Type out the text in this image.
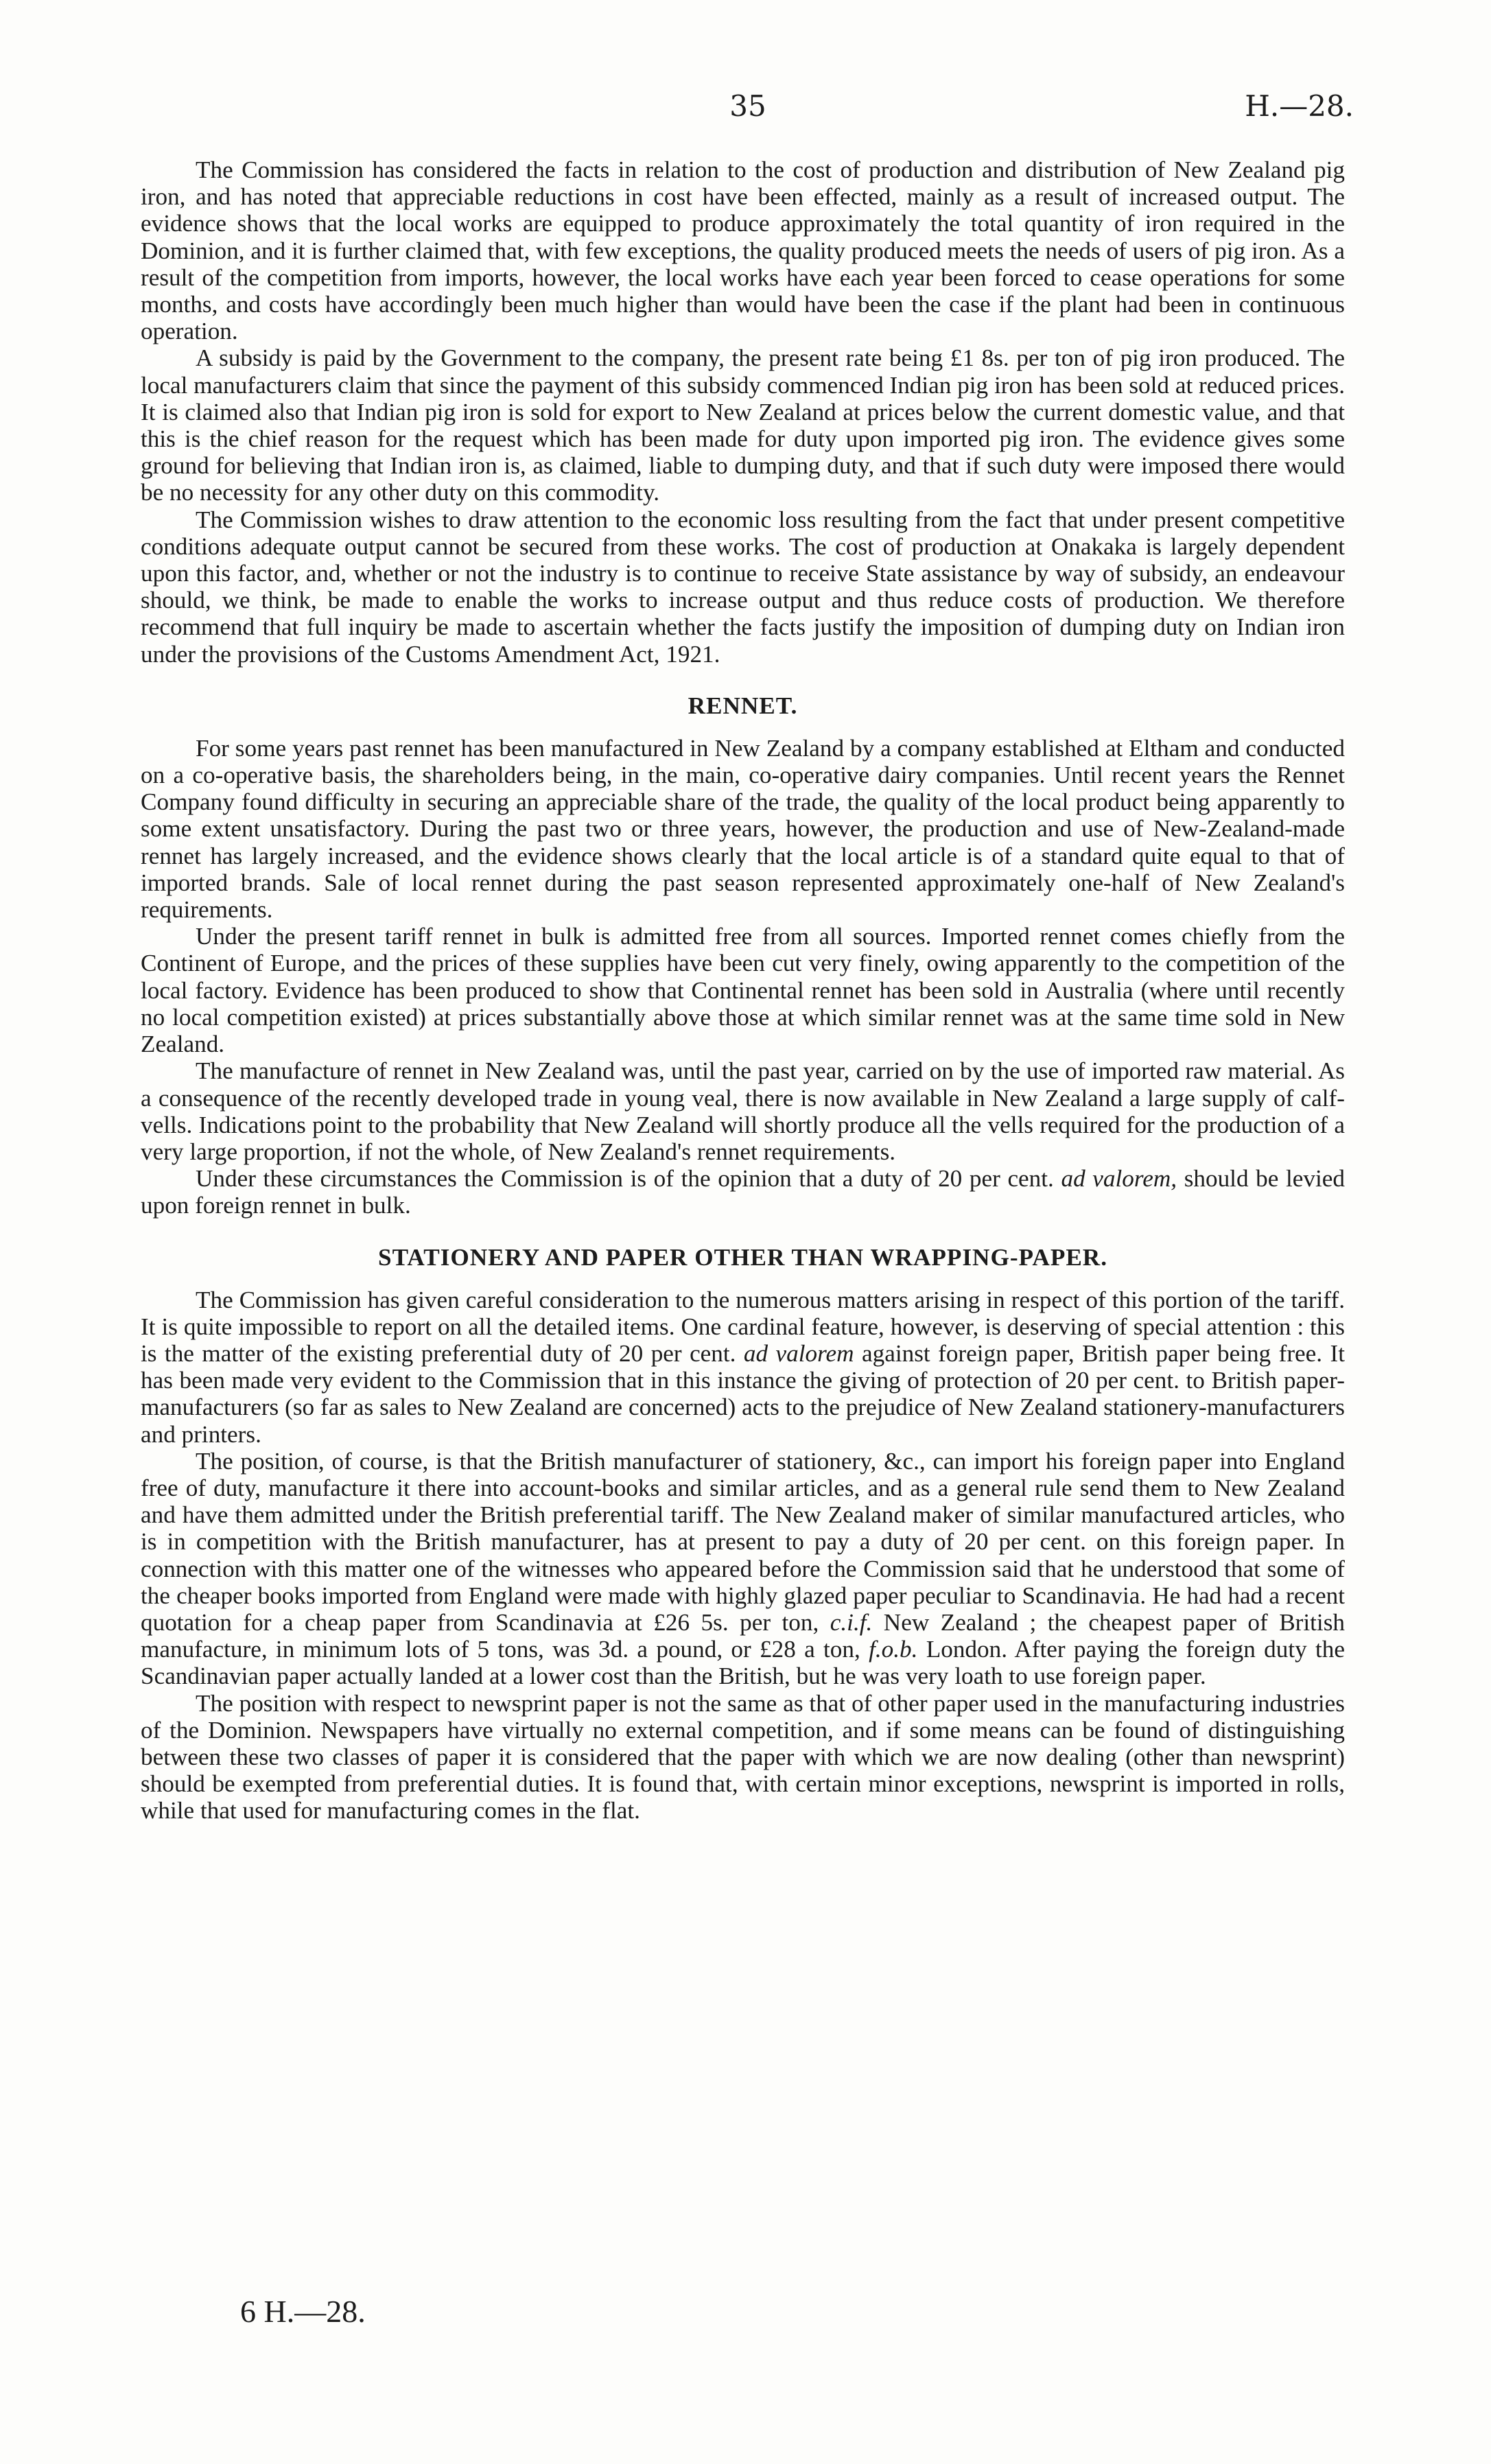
35	H.—28.

The Commission has considered the facts in relation to the cost of production and distribution of New Zealand pig iron, and has noted that appreciable reductions in cost have been effected, mainly as a result of increased output. The evidence shows that the local works are equipped to produce approximately the total quantity of iron required in the Dominion, and it is further claimed that, with few exceptions, the quality produced meets the needs of users of pig iron. As a result of the competition from imports, however, the local works have each year been forced to cease operations for some months, and costs have accordingly been much higher than would have been the case if the plant had been in continuous operation.

A subsidy is paid by the Government to the company, the present rate being £1 8s. per ton of pig iron produced. The local manufacturers claim that since the payment of this subsidy commenced Indian pig iron has been sold at reduced prices. It is claimed also that Indian pig iron is sold for export to New Zealand at prices below the current domestic value, and that this is the chief reason for the request which has been made for duty upon imported pig iron. The evidence gives some ground for believing that Indian iron is, as claimed, liable to dumping duty, and that if such duty were imposed there would be no necessity for any other duty on this commodity.

The Commission wishes to draw attention to the economic loss resulting from the fact that under present competitive conditions adequate output cannot be secured from these works. The cost of production at Onakaka is largely dependent upon this factor, and, whether or not the industry is to continue to receive State assistance by way of subsidy, an endeavour should, we think, be made to enable the works to increase output and thus reduce costs of production. We therefore recommend that full inquiry be made to ascertain whether the facts justify the imposition of dumping duty on Indian iron under the provisions of the Customs Amendment Act, 1921.

RENNET.

For some years past rennet has been manufactured in New Zealand by a company established at Eltham and conducted on a co-operative basis, the shareholders being, in the main, co-operative dairy companies. Until recent years the Rennet Company found difficulty in securing an appreciable share of the trade, the quality of the local product being apparently to some extent unsatisfactory. During the past two or three years, however, the production and use of New-Zealand-made rennet has largely increased, and the evidence shows clearly that the local article is of a standard quite equal to that of imported brands. Sale of local rennet during the past season represented approximately one-half of New Zealand's requirements.

Under the present tariff rennet in bulk is admitted free from all sources. Imported rennet comes chiefly from the Continent of Europe, and the prices of these supplies have been cut very finely, owing apparently to the competition of the local factory. Evidence has been produced to show that Continental rennet has been sold in Australia (where until recently no local competition existed) at prices substantially above those at which similar rennet was at the same time sold in New Zealand.

The manufacture of rennet in New Zealand was, until the past year, carried on by the use of imported raw material. As a consequence of the recently developed trade in young veal, there is now available in New Zealand a large supply of calf-vells. Indications point to the probability that New Zealand will shortly produce all the vells required for the production of a very large proportion, if not the whole, of New Zealand's rennet requirements.

Under these circumstances the Commission is of the opinion that a duty of 20 per cent. ad valorem, should be levied upon foreign rennet in bulk.

STATIONERY AND PAPER OTHER THAN WRAPPING-PAPER.

The Commission has given careful consideration to the numerous matters arising in respect of this portion of the tariff. It is quite impossible to report on all the detailed items. One cardinal feature, however, is deserving of special attention : this is the matter of the existing preferential duty of 20 per cent. ad valorem against foreign paper, British paper being free. It has been made very evident to the Commission that in this instance the giving of protection of 20 per cent. to British paper-manufacturers (so far as sales to New Zealand are concerned) acts to the prejudice of New Zealand stationery-manufacturers and printers.

The position, of course, is that the British manufacturer of stationery, &c., can import his foreign paper into England free of duty, manufacture it there into account-books and similar articles, and as a general rule send them to New Zealand and have them admitted under the British preferential tariff. The New Zealand maker of similar manufactured articles, who is in competition with the British manufacturer, has at present to pay a duty of 20 per cent. on this foreign paper. In connection with this matter one of the witnesses who appeared before the Commission said that he understood that some of the cheaper books imported from England were made with highly glazed paper peculiar to Scandinavia. He had had a recent quotation for a cheap paper from Scandinavia at £26 5s. per ton, c.i.f. New Zealand ; the cheapest paper of British manufacture, in minimum lots of 5 tons, was 3d. a pound, or £28 a ton, f.o.b. London. After paying the foreign duty the Scandinavian paper actually landed at a lower cost than the British, but he was very loath to use foreign paper.

The position with respect to newsprint paper is not the same as that of other paper used in the manufacturing industries of the Dominion. Newspapers have virtually no external competition, and if some means can be found of distinguishing between these two classes of paper it is considered that the paper with which we are now dealing (other than newsprint) should be exempted from preferential duties. It is found that, with certain minor exceptions, newsprint is imported in rolls, while that used for manufacturing comes in the flat.

6 H.—28.
